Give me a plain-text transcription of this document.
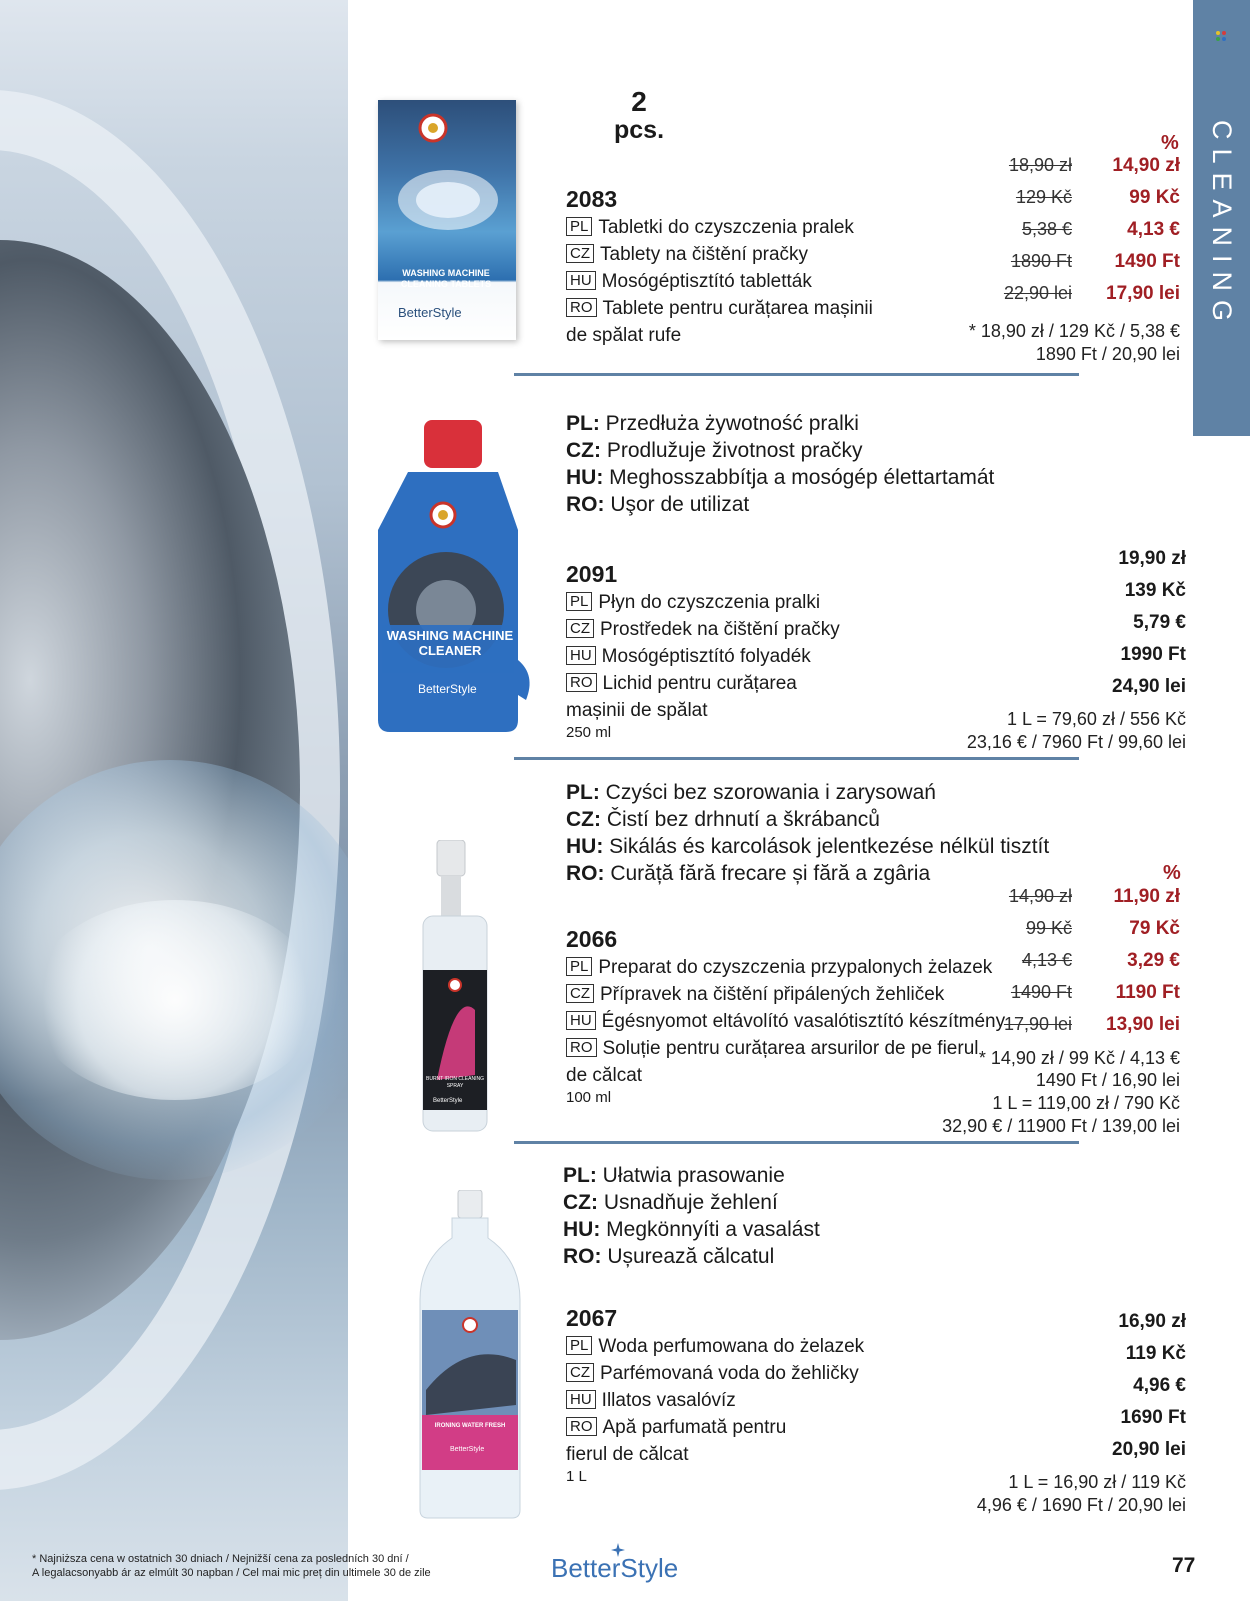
CLEANING
2
pcs.
WASHING MACHINE CLEANING TABLETS
BetterStyle
2083
PL Tabletki do czyszczenia pralek
CZ Tablety na čištění pračky
HU Mosógéptisztító tabletták
RO Tablete pentru curățarea mașinii
de spălat rufe
%
18,90 zł 14,90 zł
129 Kč	99 Kč
5,38 €	4,13 €
1890 Ft 1490 Ft
22,90 lei 17,90 lei
* 18,90 zł / 129 Kč / 5,38 €
1890 Ft / 20,90 lei
PL: Przedłuża żywotność pralki
CZ: Prodlužuje životnost pračky
HU: Meghosszabbítja a mosógép élettartamát
RO: Uşor de utilizat
WASHING MACHINE CLEANER
BetterStyle
2091
PL Płyn do czyszczenia pralki
CZ Prostředek na čištění pračky
HU Mosógéptisztító folyadék
RO Lichid pentru curățarea
mașinii de spălat
250 ml
19,90 zł
139 Kč
5,79 €
1990 Ft
24,90 lei
1 L = 79,60 zł / 556 Kč
23,16 € / 7960 Ft / 99,60 lei
PL: Czyści bez szorowania i zarysowań
CZ: Čistí bez drhnutí a škrábanců
HU: Sikálás és karcolások jelentkezése nélkül tisztít
RO: Curăță fără frecare și fără a zgâria
BURNT IRON CLEANING SPRAY
BetterStyle
2066
PL Preparat do czyszczenia przypalonych żelazek
CZ Přípravek na čištění připálených žehliček
HU Égésnyomot eltávolító vasalótisztító készítmény
RO Soluție pentru curățarea arsurilor de pe fierul
de călcat
100 ml
%
14,90 zł 11,90 zł
99 Kč	79 Kč
4,13 €	3,29 €
1490 Ft 1190 Ft
17,90 lei 13,90 lei
* 14,90 zł / 99 Kč / 4,13 €
1490 Ft / 16,90 lei
1 L = 119,00 zł / 790 Kč
32,90 € / 11900 Ft / 139,00 lei
PL: Ułatwia prasowanie
CZ: Usnadňuje žehlení
HU: Megkönnyíti a vasalást
RO: Ușurează călcatul
IRONING WATER FRESH
BetterStyle
2067
PL Woda perfumowana do żelazek
CZ Parfémovaná voda do žehličky
HU Illatos vasalóvíz
RO Apă parfumată pentru
fierul de călcat
1 L
16,90 zł
119 Kč
4,96 €
1690 Ft
20,90 lei
1 L = 16,90 zł / 119 Kč
4,96 € / 1690 Ft / 20,90 lei
* Najniższa cena w ostatnich 30 dniach / Nejnižší cena za posledních 30 dní /
A legalacsonyabb ár az elmúlt 30 napban / Cel mai mic preț din ultimele 30 de zile	BetterStyle	77
